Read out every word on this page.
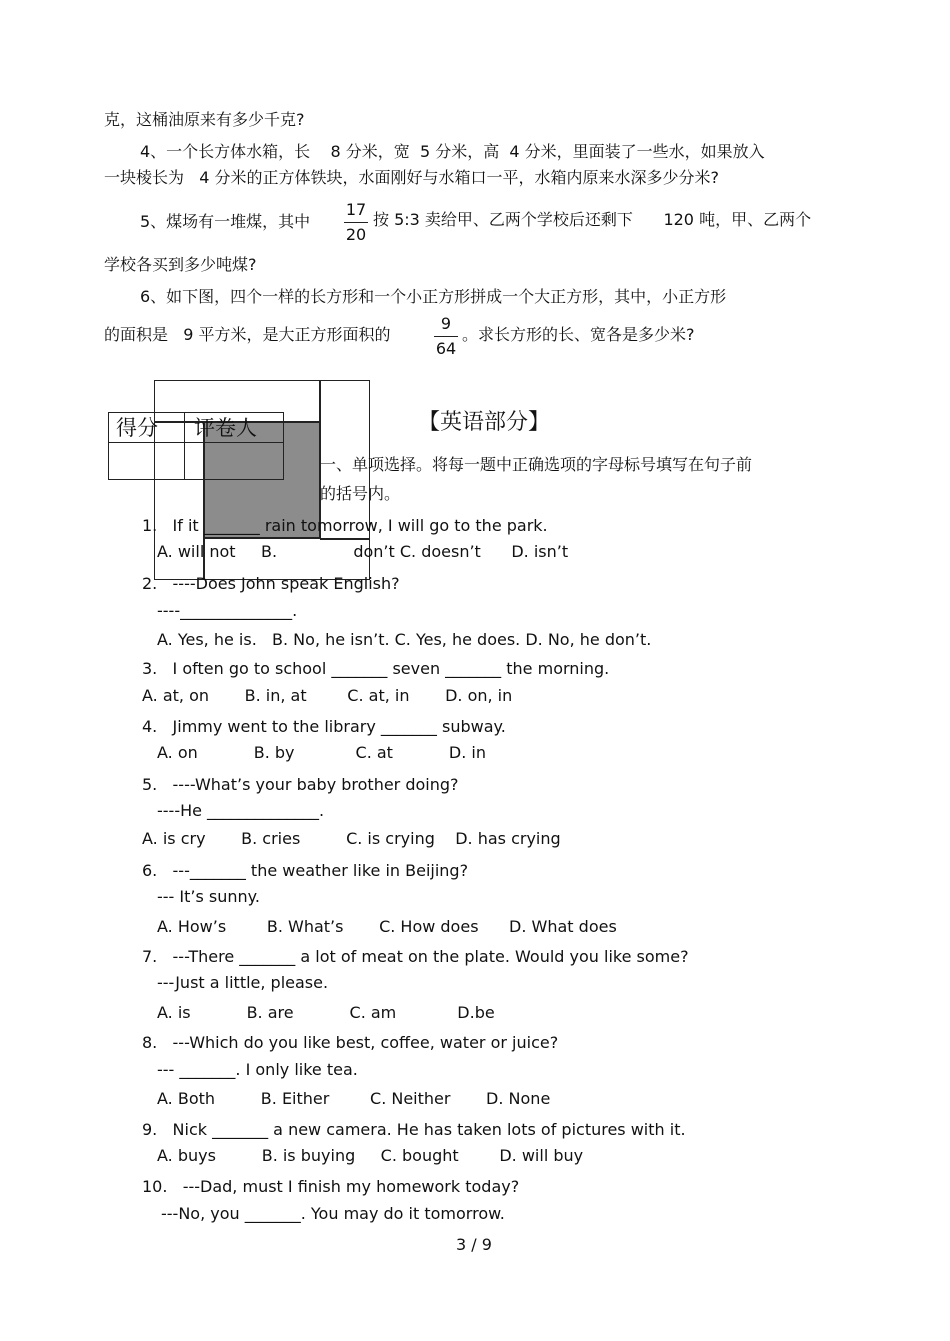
克，这桶油原来有多少千克?

4、一个长方体水箱，长    8 分米，宽  5 分米，高  4 分米，里面装了一些水，如果放入

一块棱长为   4 分米的正方体铁块，水面刚好与水箱口一平，水箱内原来水深多少分米?

5、煤场有一堆煤，其中

17
20

按 5:3 卖给甲、乙两个学校后还剩下      120 吨，甲、乙两个

学校各买到多少吨煤?

6、如下图，四个一样的长方形和一个小正方形拼成一个大正方形，其中，小正方形

的面积是   9 平方米，是大正方形面积的

9
64

。求长方形的长、宽各是多少米?

得分 评卷人	【英语部分】

一、单项选择。将每一题中正确选项的字母标号填写在句子前

的括号内。

1.   If it _______ rain tomorrow, I will go to the park.

A. will not     B.               don’t C. doesn’t      D. isn’t

2.   ----Does John speak English?

----______________.

A. Yes, he is.   B. No, he isn’t. C. Yes, he does. D. No, he don’t.

3.   I often go to school _______ seven _______ the morning.

A. at, on       B. in, at        C. at, in       D. on, in

4.   Jimmy went to the library _______ subway.

A. on           B. by            C. at           D. in

5.   ----What’s your baby brother doing?

----He ______________.

A. is cry       B. cries         C. is crying    D. has crying

6.   ---_______ the weather like in Beijing?

--- It’s sunny.

A. How’s        B. What’s       C. How does      D. What does

7.   ---There _______ a lot of meat on the plate. Would you like some?

---Just a little, please.

A. is           B. are           C. am            D.be

8.   ---Which do you like best, coffee, water or juice?

--- _______. I only like tea.

A. Both         B. Either        C. Neither       D. None

9.   Nick _______ a new camera. He has taken lots of pictures with it.

A. buys         B. is buying     C. bought        D. will buy

10.   ---Dad, must I finish my homework today?

---No, you _______. You may do it tomorrow.

3 / 9
